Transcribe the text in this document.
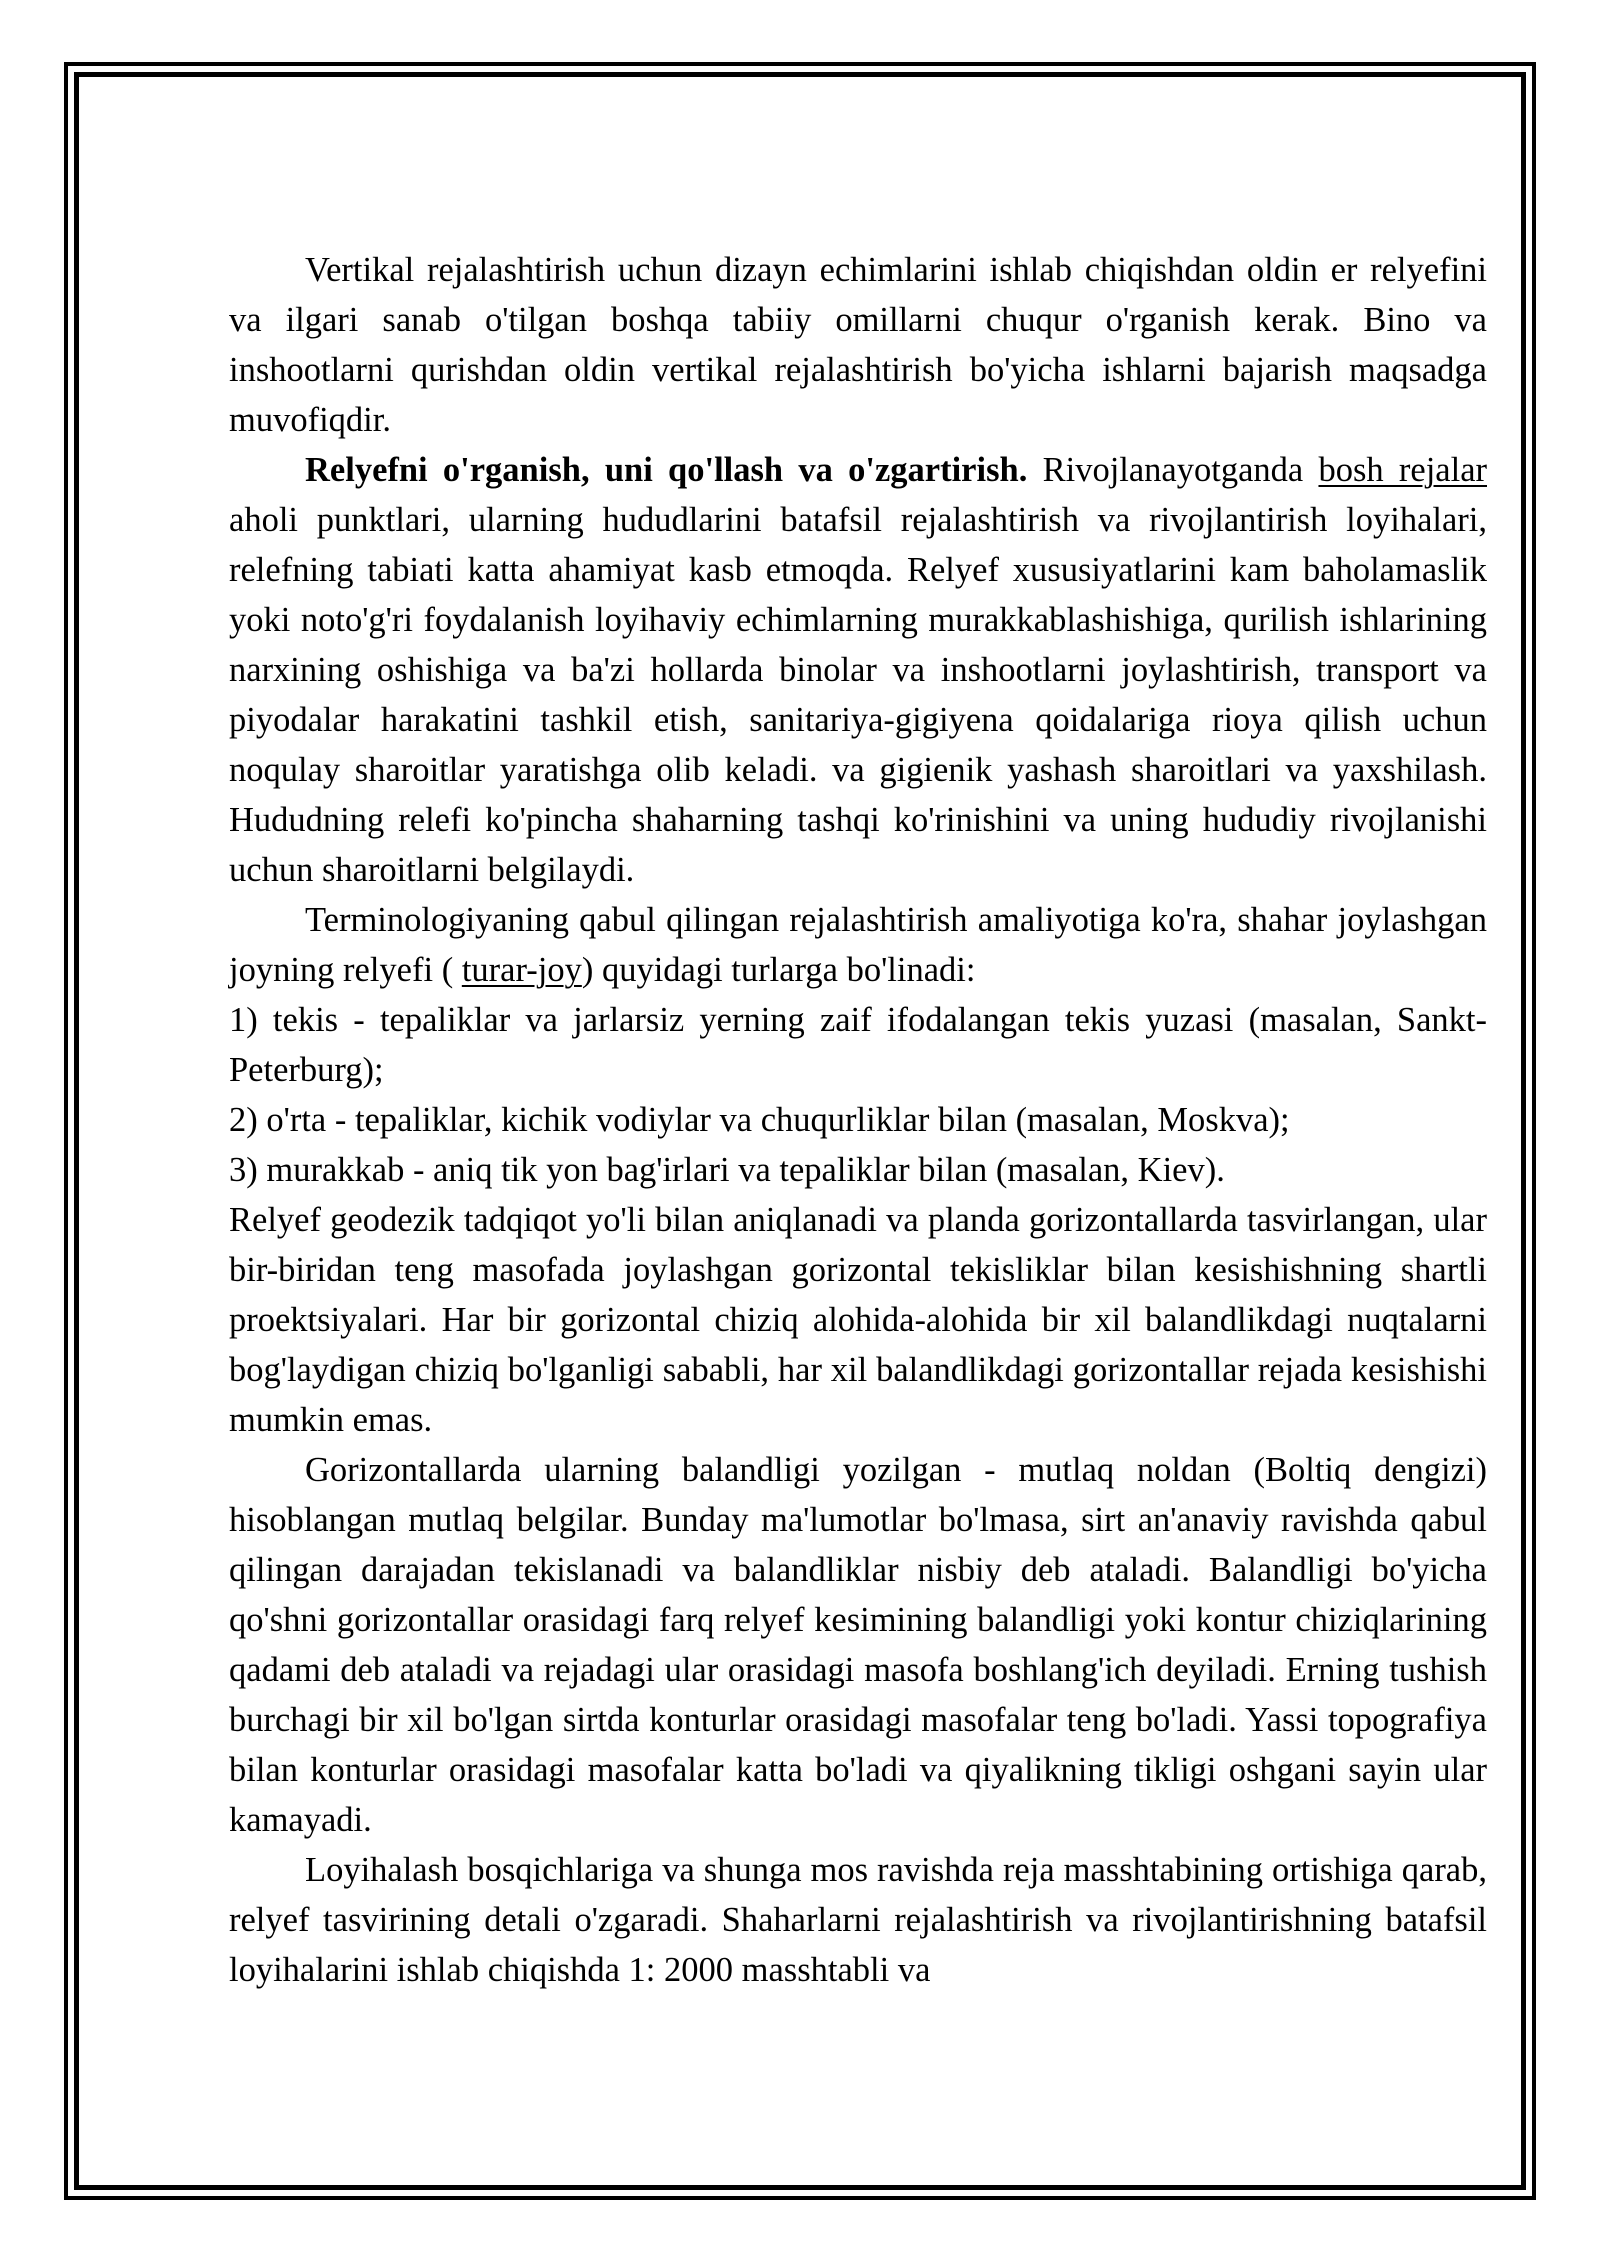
Vertikal rejalashtirish uchun dizayn echimlarini ishlab chiqishdan oldin er relyefini va ilgari sanab o'tilgan boshqa tabiiy omillarni chuqur o'rganish kerak. Bino va inshootlarni qurishdan oldin vertikal rejalashtirish bo'yicha ishlarni bajarish maqsadga muvofiqdir.

Relyefni o'rganish, uni qo'llash va o'zgartirish. Rivojlanayotganda bosh rejalar aholi punktlari, ularning hududlarini batafsil rejalashtirish va rivojlantirish loyihalari, relefning tabiati katta ahamiyat kasb etmoqda. Relyef xususiyatlarini kam baholamaslik yoki noto'g'ri foydalanish loyihaviy echimlarning murakkablashishiga, qurilish ishlarining narxining oshishiga va ba'zi hollarda binolar va inshootlarni joylashtirish, transport va piyodalar harakatini tashkil etish, sanitariya-gigiyena qoidalariga rioya qilish uchun noqulay sharoitlar yaratishga olib keladi. va gigienik yashash sharoitlari va yaxshilash. Hududning relefi ko'pincha shaharning tashqi ko'rinishini va uning hududiy rivojlanishi uchun sharoitlarni belgilaydi.

Terminologiyaning qabul qilingan rejalashtirish amaliyotiga ko'ra, shahar joylashgan joyning relyefi ( turar-joy) quyidagi turlarga bo'linadi:

1) tekis - tepaliklar va jarlarsiz yerning zaif ifodalangan tekis yuzasi (masalan, Sankt-Peterburg);

2) o'rta - tepaliklar, kichik vodiylar va chuqurliklar bilan (masalan, Moskva);

3) murakkab - aniq tik yon bag'irlari va tepaliklar bilan (masalan, Kiev).

Relyef geodezik tadqiqot yo'li bilan aniqlanadi va planda gorizontallarda tasvirlangan, ular bir-biridan teng masofada joylashgan gorizontal tekisliklar bilan kesishishning shartli proektsiyalari. Har bir gorizontal chiziq alohida-alohida bir xil balandlikdagi nuqtalarni bog'laydigan chiziq bo'lganligi sababli, har xil balandlikdagi gorizontallar rejada kesishishi mumkin emas.

Gorizontallarda ularning balandligi yozilgan - mutlaq noldan (Boltiq dengizi) hisoblangan mutlaq belgilar. Bunday ma'lumotlar bo'lmasa, sirt an'anaviy ravishda qabul qilingan darajadan tekislanadi va balandliklar nisbiy deb ataladi. Balandligi bo'yicha qo'shni gorizontallar orasidagi farq relyef kesimining balandligi yoki kontur chiziqlarining qadami deb ataladi va rejadagi ular orasidagi masofa boshlang'ich deyiladi. Erning tushish burchagi bir xil bo'lgan sirtda konturlar orasidagi masofalar teng bo'ladi. Yassi topografiya bilan konturlar orasidagi masofalar katta bo'ladi va qiyalikning tikligi oshgani sayin ular kamayadi.

Loyihalash bosqichlariga va shunga mos ravishda reja masshtabining ortishiga qarab, relyef tasvirining detali o'zgaradi. Shaharlarni rejalashtirish va rivojlantirishning batafsil loyihalarini ishlab chiqishda 1: 2000 masshtabli va
